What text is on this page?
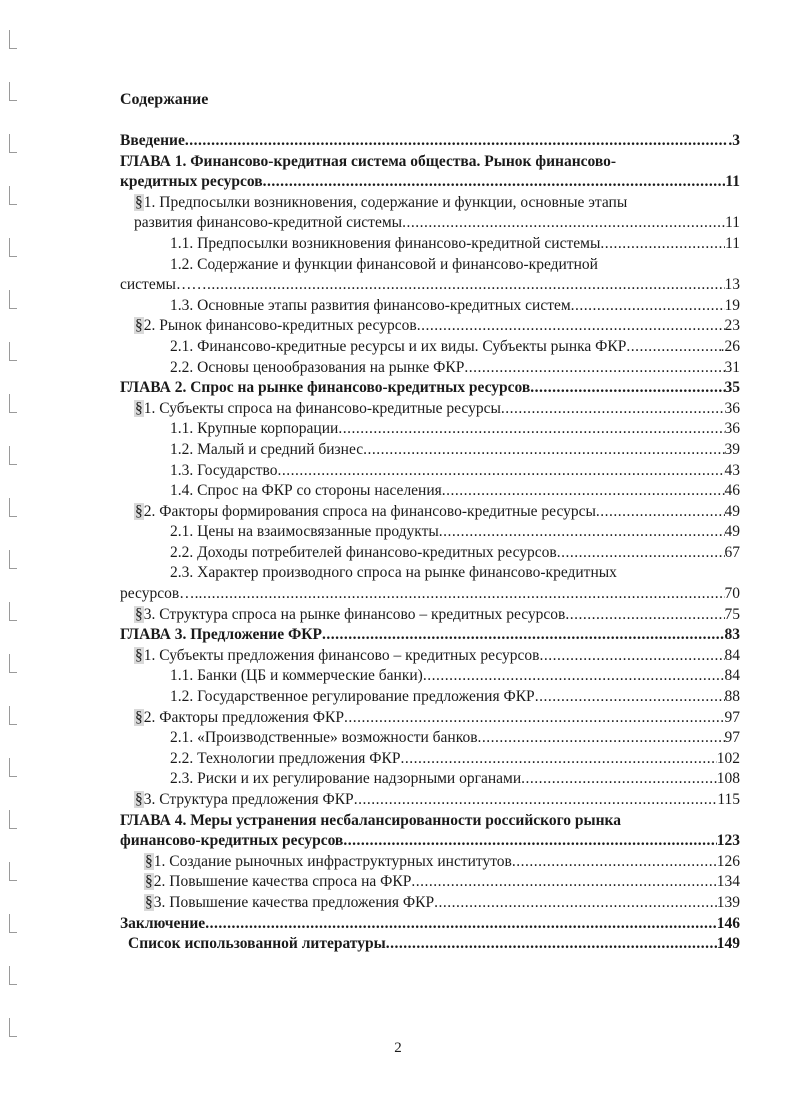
Содержание
Введение .....	.3
ГЛАВА 1. Финансово-кредитная система общества. Рынок финансово-
кредитных ресурсов .....	11
§1. Предпосылки возникновения, содержание и функции, основные этапы
развития финансово-кредитной системы .....	11
1.1. Предпосылки возникновения финансово-кредитной системы .....	11
1.2. Содержание и функции финансовой и финансово-кредитной
системы…… .....	13
1.3. Основные этапы развития финансово-кредитных систем .....	19
§2. Рынок финансово-кредитных ресурсов .....	23
2.1. Финансово-кредитные ресурсы и их виды. Субъекты рынка ФКР .....	.26
2.2. Основы ценообразования на рынке ФКР .....	31
ГЛАВА 2. Спрос на рынке финансово-кредитных ресурсов .....	35
§1. Субъекты спроса на финансово-кредитные ресурсы .....	36
1.1. Крупные корпорации .....	36
1.2. Малый и средний бизнес .....	39
1.3. Государство .....	43
1.4. Спрос на ФКР со стороны населения .....	46
§2. Факторы формирования спроса на финансово-кредитные ресурсы .....	49
2.1. Цены на взаимосвязанные продукты .....	49
2.2. Доходы потребителей финансово-кредитных ресурсов .....	67
2.3. Характер производного спроса на рынке финансово-кредитных
ресурсов…. .....	70
§3. Структура спроса на рынке финансово – кредитных ресурсов .....	75
ГЛАВА 3. Предложение ФКР .....	83
§1. Субъекты предложения финансово – кредитных ресурсов .....	84
1.1. Банки (ЦБ и коммерческие банки) .....	84
1.2. Государственное регулирование предложения ФКР .....	88
§2. Факторы предложения ФКР .....	97
2.1. «Производственные» возможности банков .....	97
2.2. Технологии предложения ФКР .....	102
2.3. Риски и их регулирование надзорными органами .....	108
§3. Структура предложения ФКР .....	115
ГЛАВА 4. Меры устранения несбалансированности российского рынка
финансово-кредитных ресурсов .....	123
§1. Создание рыночных инфраструктурных институтов .....	126
§2. Повышение качества спроса на ФКР .....	134
§3. Повышение качества предложения ФКР .....	139
Заключение .....	146
Список использованной литературы .....	149
2
